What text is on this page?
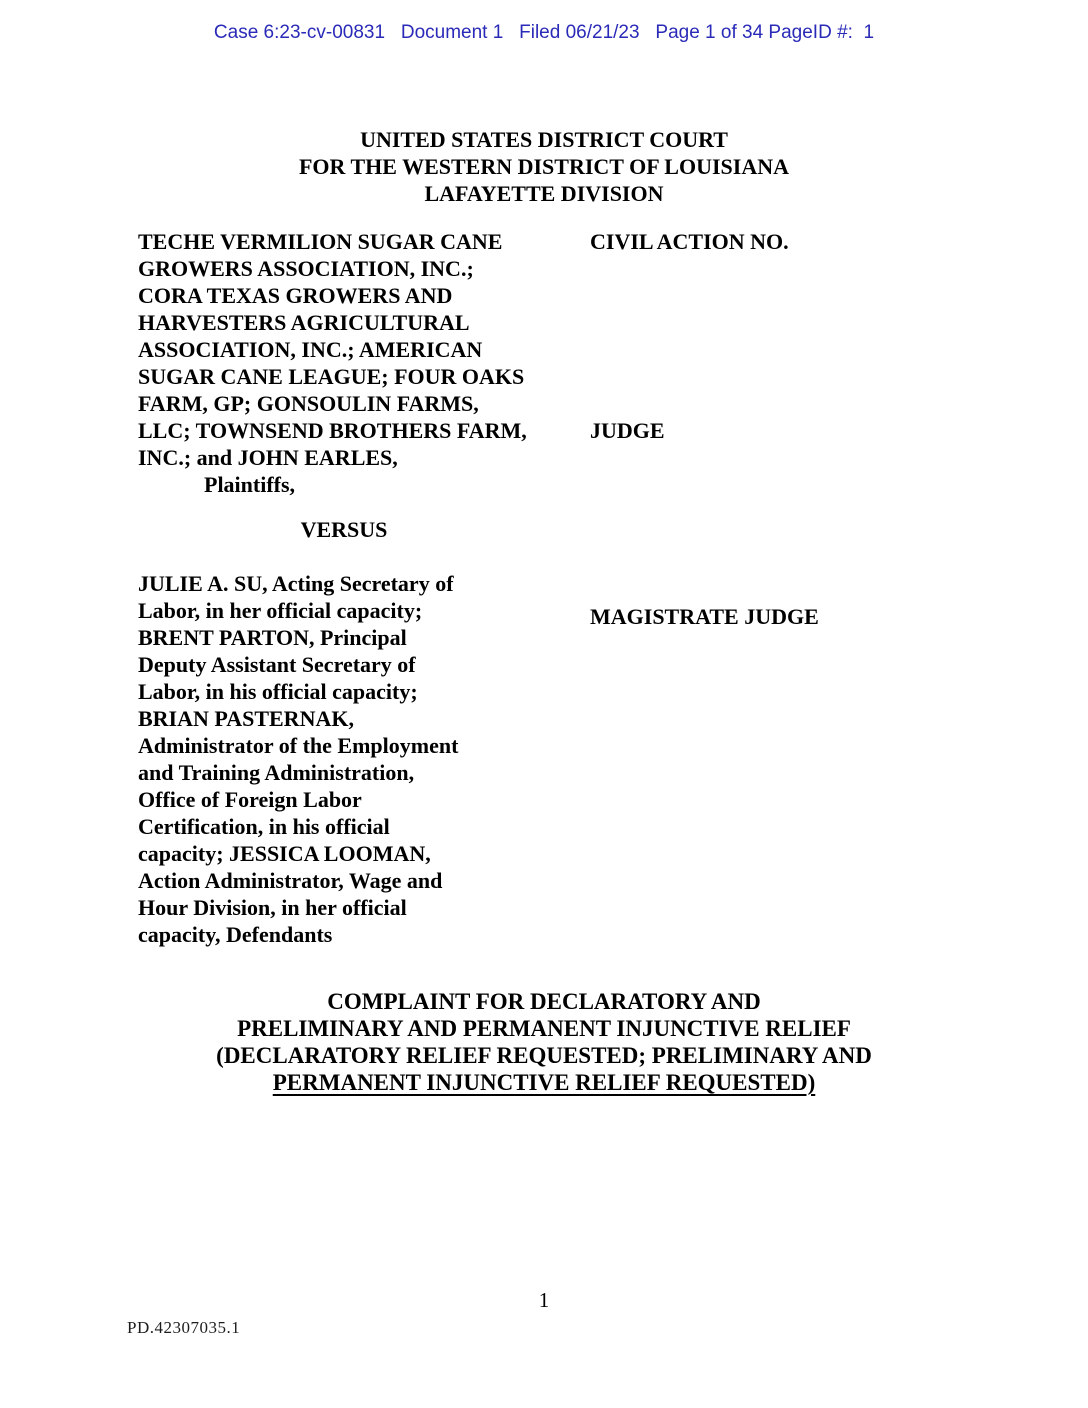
Case 6:23-cv-00831   Document 1   Filed 06/21/23   Page 1 of 34 PageID #:  1
UNITED STATES DISTRICT COURT
FOR THE WESTERN DISTRICT OF LOUISIANA
LAFAYETTE DIVISION
TECHE VERMILION SUGAR CANE
GROWERS ASSOCIATION, INC.;
CORA TEXAS GROWERS AND
HARVESTERS AGRICULTURAL
ASSOCIATION, INC.; AMERICAN
SUGAR CANE LEAGUE; FOUR OAKS
FARM, GP; GONSOULIN FARMS,
LLC; TOWNSEND BROTHERS FARM,
INC.; and JOHN EARLES,
Plaintiffs,
CIVIL ACTION NO.
JUDGE
MAGISTRATE JUDGE
VERSUS
JULIE A. SU, Acting Secretary of
Labor, in her official capacity;
BRENT PARTON, Principal
Deputy Assistant Secretary of
Labor, in his official capacity;
BRIAN PASTERNAK,
Administrator of the Employment
and Training Administration,
Office of Foreign Labor
Certification, in his official
capacity; JESSICA LOOMAN,
Action Administrator, Wage and
Hour Division, in her official
capacity, Defendants
COMPLAINT FOR DECLARATORY AND
PRELIMINARY AND PERMANENT INJUNCTIVE RELIEF
(DECLARATORY RELIEF REQUESTED; PRELIMINARY AND
PERMANENT INJUNCTIVE RELIEF REQUESTED)
1
PD.42307035.1
